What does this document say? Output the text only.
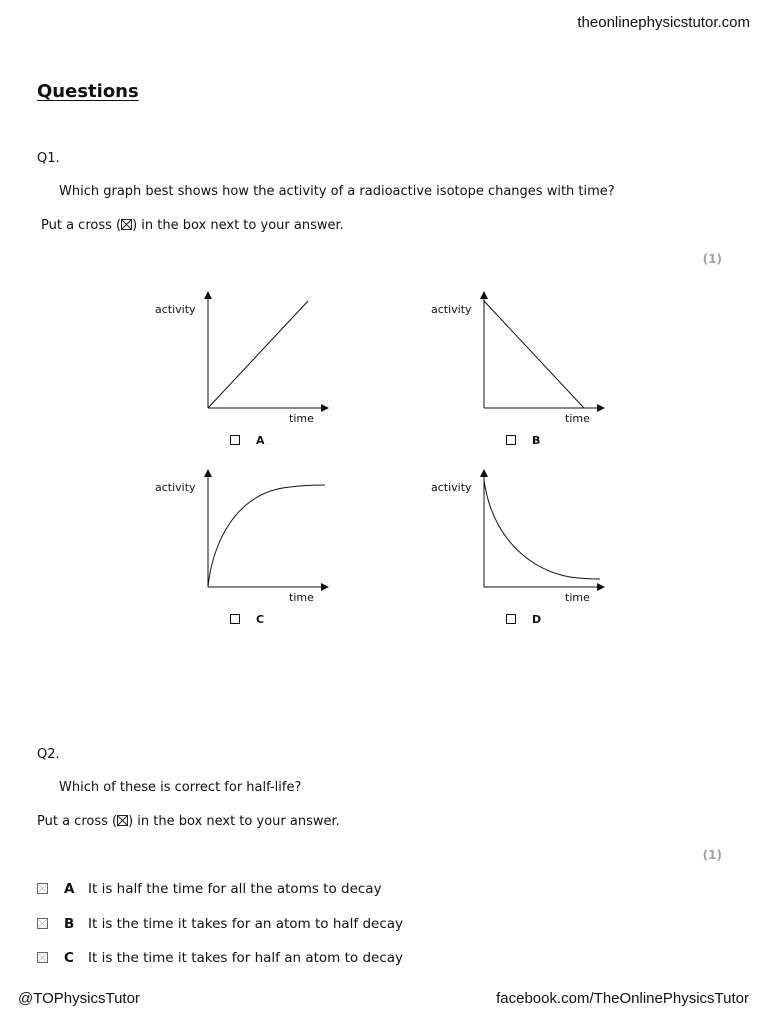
theonlinephysicstutor.com
Questions
Q1.
Which graph best shows how the activity of a radioactive isotope changes with time?
Put a cross (☒) in the box next to your answer.
(1)
activity
time
A
activity
time
B
activity
time
C
activity
time
D
Q2.
Which of these is correct for half-life?
Put a cross (☒) in the box next to your answer.
(1)
A It is half the time for all the atoms to decay
B It is the time it takes for an atom to half decay
C It is the time it takes for half an atom to decay
@TOPhysicsTutor	facebook.com/TheOnlinePhysicsTutor
